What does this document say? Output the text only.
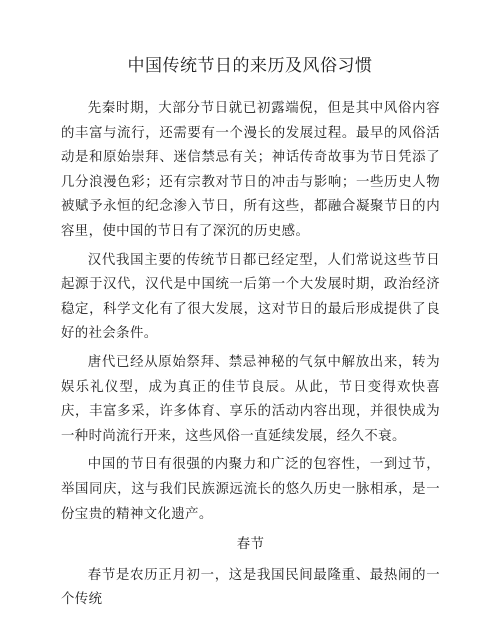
中国传统节日的来历及风俗习惯

先秦时期，大部分节日就已初露端倪，但是其中风俗内容的丰富与流行，还需要有一个漫长的发展过程。最早的风俗活动是和原始崇拜、迷信禁忌有关；神话传奇故事为节日凭添了几分浪漫色彩；还有宗教对节日的冲击与影响；一些历史人物被赋予永恒的纪念渗入节日，所有这些，都融合凝聚节日的内容里，使中国的节日有了深沉的历史感。

汉代我国主要的传统节日都已经定型，人们常说这些节日起源于汉代，汉代是中国统一后第一个大发展时期，政治经济稳定，科学文化有了很大发展，这对节日的最后形成提供了良好的社会条件。

唐代已经从原始祭拜、禁忌神秘的气氛中解放出来，转为娱乐礼仪型，成为真正的佳节良辰。从此，节日变得欢快喜庆，丰富多采，许多体育、享乐的活动内容出现，并很快成为一种时尚流行开来，这些风俗一直延续发展，经久不衰。

中国的节日有很强的内聚力和广泛的包容性，一到过节，举国同庆，这与我们民族源远流长的悠久历史一脉相承，是一份宝贵的精神文化遗产。

春节

春节是农历正月初一，这是我国民间最隆重、最热闹的一个传统
